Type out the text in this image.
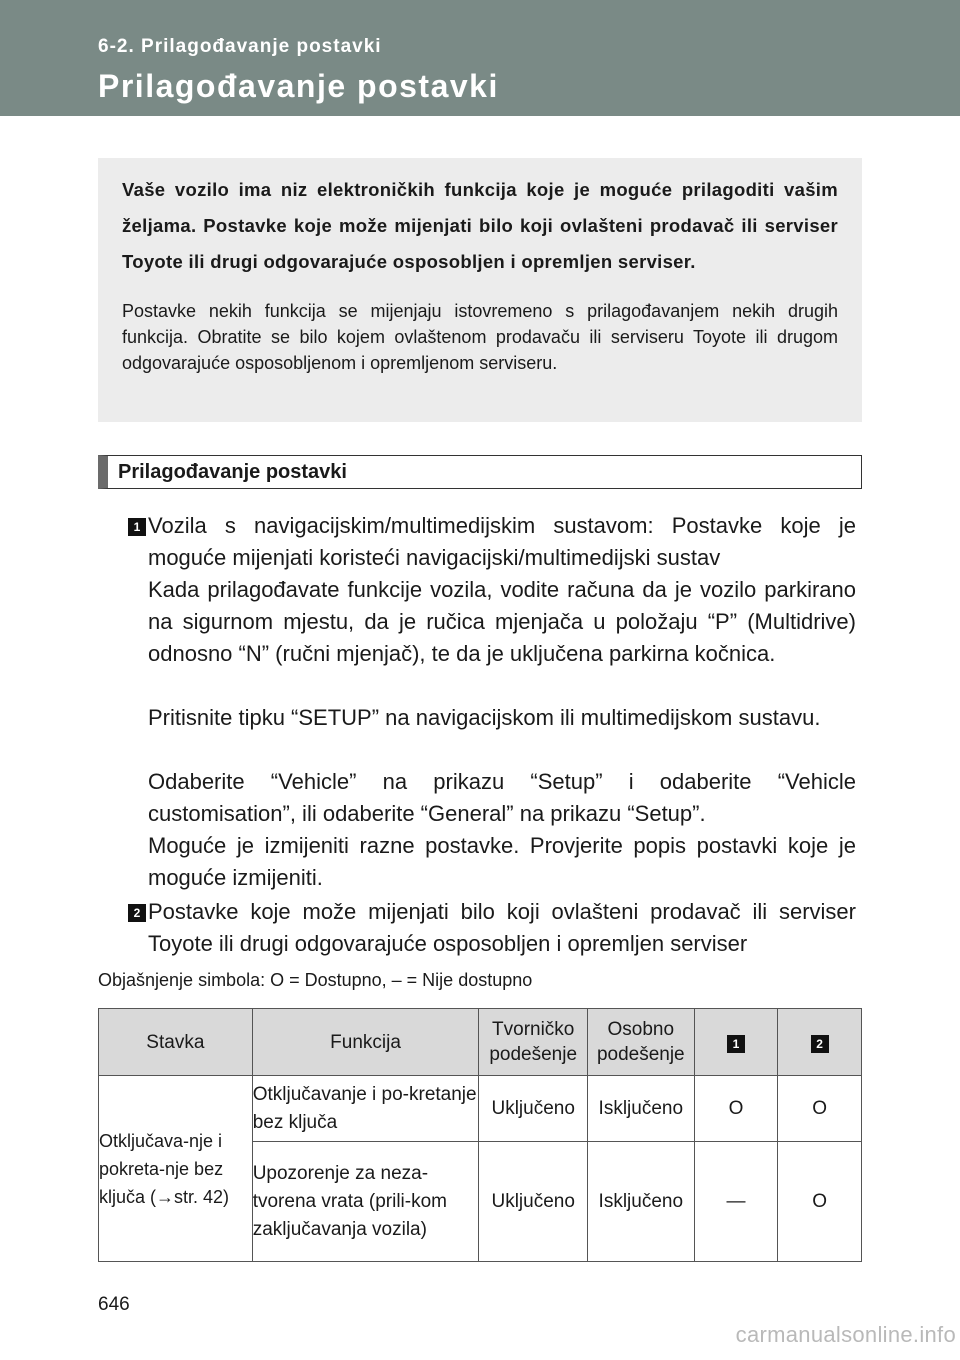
6-2. Prilagođavanje postavki
Prilagođavanje postavki

Vaše vozilo ima niz elektroničkih funkcija koje je moguće prilagoditi vašim željama. Postavke koje može mijenjati bilo koji ovlašteni prodavač ili serviser Toyote ili drugi odgovarajuće osposobljen i opremljen serviser.

Postavke nekih funkcija se mijenjaju istovremeno s prilagođavanjem nekih drugih funkcija. Obratite se bilo kojem ovlaštenom prodavaču ili serviseru Toyote ili drugom odgovarajuće osposobljenom i opremljenom serviseru.

Prilagođavanje postavki
1 Vozila s navigacijskim/multimedijskim sustavom: Postavke koje je moguće mijenjati koristeći navigacijski/multimedijski sustav

Kada prilagođavate funkcije vozila, vodite računa da je vozilo parkirano na sigurnom mjestu, da je ručica mjenjača u položaju “P” (Multidrive) odnosno “N” (ručni mjenjač), te da je uključena parkirna kočnica.

Pritisnite tipku “SETUP” na navigacijskom ili multimedijskom sustavu.

Odaberite “Vehicle” na prikazu “Setup” i odaberite “Vehicle customisation”, ili odaberite “General” na prikazu “Setup”.

Moguće je izmijeniti razne postavke. Provjerite popis postavki koje je moguće izmijeniti.

2 Postavke koje može mijenjati bilo koji ovlašteni prodavač ili serviser Toyote ili drugi odgovarajuće osposobljen i opremljen serviser

Objašnjenje simbola: O = Dostupno, – = Nije dostupno
Stavka	Funkcija	Tvorničko podešenje	Osobno podešenje	1	2
Otključava-nje i pokreta-nje bez ključa (→str. 42)	Otključavanje i po-kretanje bez ključa	Uključeno	Isključeno	O	O
	Upozorenje za neza-tvorena vrata (prili-kom zaključavanja vozila)	Uključeno	Isključeno	—	O
646
carmanualsonline.info
